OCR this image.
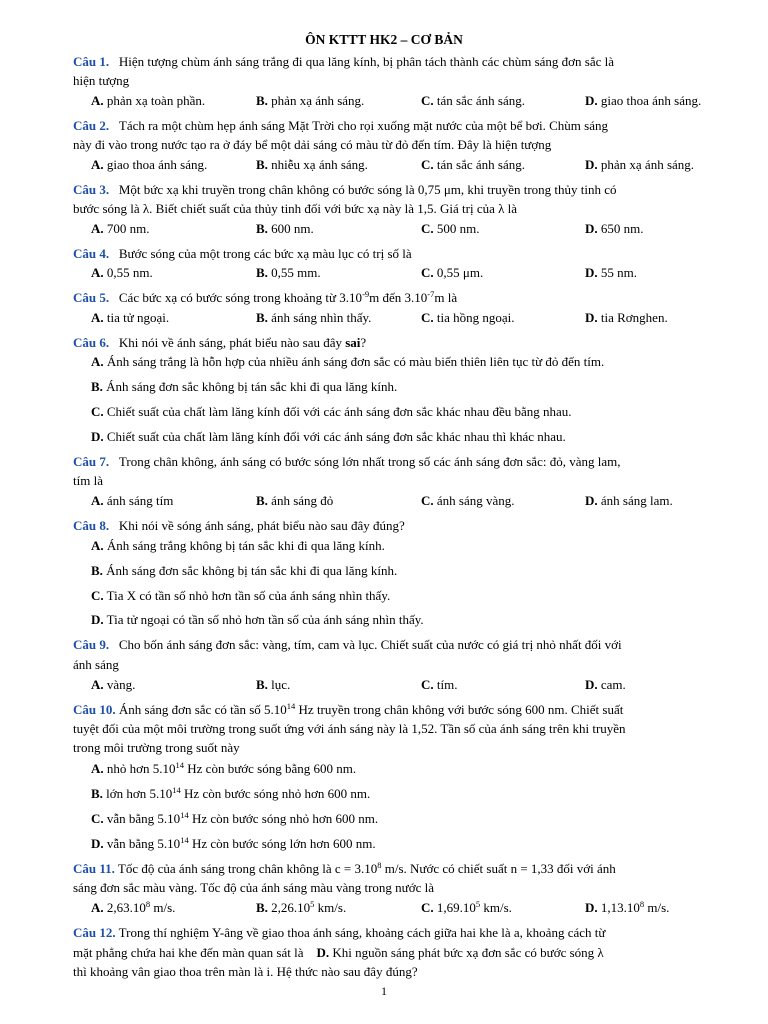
ÔN KTTT HK2 – CƠ BẢN
Câu 1. Hiện tượng chùm ánh sáng trắng đi qua lăng kính, bị phân tách thành các chùm sáng đơn sắc là
hiện tượng
A. phản xạ toàn phần.	B. phản xạ ánh sáng.	C. tán sắc ánh sáng.	D. giao thoa ánh sáng.
Câu 2. Tách ra một chùm hẹp ánh sáng Mặt Trời cho rọi xuống mặt nước của một bể bơi. Chùm sáng
này đi vào trong nước tạo ra ở đáy bể một dải sáng có màu từ đỏ đến tím. Đây là hiện tượng
A. giao thoa ánh sáng.	B. nhiễu xạ ánh sáng.	C. tán sắc ánh sáng.	D. phản xạ ánh sáng.
Câu 3. Một bức xạ khi truyền trong chân không có bước sóng là 0,75 μm, khi truyền trong thủy tinh có
bước sóng là λ. Biết chiết suất của thủy tinh đối với bức xạ này là 1,5. Giá trị của λ là
A. 700 nm.	B. 600 nm.	C. 500 nm.	D. 650 nm.
Câu 4. Bước sóng của một trong các bức xạ màu lục có trị số là
A. 0,55 nm.	B. 0,55 mm.	C. 0,55 μm.	D. 55 nm.
Câu 5. Các bức xạ có bước sóng trong khoảng từ $3.10^{-9}m$ đến $3.10^{-7}m$ là
A. tia tử ngoại.	B. ánh sáng nhìn thấy.	C. tia hồng ngoại.	D. tia Rơnghen.
Câu 6. Khi nói về ánh sáng, phát biểu nào sau đây sai?
A. Ánh sáng trắng là hỗn hợp của nhiều ánh sáng đơn sắc có màu biến thiên liên tục từ đỏ đến tím.
B. Ánh sáng đơn sắc không bị tán sắc khi đi qua lăng kính.
C. Chiết suất của chất làm lăng kính đối với các ánh sáng đơn sắc khác nhau đều bằng nhau.
D. Chiết suất của chất làm lăng kính đối với các ánh sáng đơn sắc khác nhau thì khác nhau.
Câu 7. Trong chân không, ánh sáng có bước sóng lớn nhất trong số các ánh sáng đơn sắc: đỏ, vàng lam,
tím là
A. ánh sáng tím	B. ánh sáng đỏ	C. ánh sáng vàng.	D. ánh sáng lam.
Câu 8. Khi nói về sóng ánh sáng, phát biểu nào sau đây đúng?
A. Ánh sáng trắng không bị tán sắc khi đi qua lăng kính.
B. Ánh sáng đơn sắc không bị tán sắc khi đi qua lăng kính.
C. Tia X có tần số nhỏ hơn tần số của ánh sáng nhìn thấy.
D. Tia tử ngoại có tần số nhỏ hơn tần số của ánh sáng nhìn thấy.
Câu 9. Cho bốn ánh sáng đơn sắc: vàng, tím, cam và lục. Chiết suất của nước có giá trị nhỏ nhất đối với
ánh sáng
A. vàng.	B. lục.	C. tím.	D. cam.
Câu 10. Ánh sáng đơn sắc có tần số 5.10$^{14}$ Hz truyền trong chân không với bước sóng 600 nm. Chiết suất
tuyệt đối của một môi trường trong suốt ứng với ánh sáng này là 1,52. Tần số của ánh sáng trên khi truyền
trong môi trường trong suốt này
A. nhỏ hơn 5.10$^{14}$ Hz còn bước sóng bằng 600 nm.
B. lớn hơn 5.10$^{14}$ Hz còn bước sóng nhỏ hơn 600 nm.
C. vẫn bằng 5.10$^{14}$ Hz còn bước sóng nhỏ hơn 600 nm.
D. vẫn bằng 5.10$^{14}$ Hz còn bước sóng lớn hơn 600 nm.
Câu 11. Tốc độ của ánh sáng trong chân không là $c = 3.10^8$ m/s. Nước có chiết suất n = 1,33 đối với ánh
sáng đơn sắc màu vàng. Tốc độ của ánh sáng màu vàng trong nước là
A. 2,63.10$^8$ m/s.	B. 2,26.10$^5$ km/s.	C. 1,69.10$^5$ km/s.	D. 1,13.10$^8$ m/s.
Câu 12. Trong thí nghiệm Y-âng về giao thoa ánh sáng, khoảng cách giữa hai khe là a, khoảng cách từ
mặt phẳng chứa hai khe đến màn quan sát là D. Khi nguồn sáng phát bức xạ đơn sắc có bước sóng λ
thì khoảng vân giao thoa trên màn là i. Hệ thức nào sau đây đúng?
1
